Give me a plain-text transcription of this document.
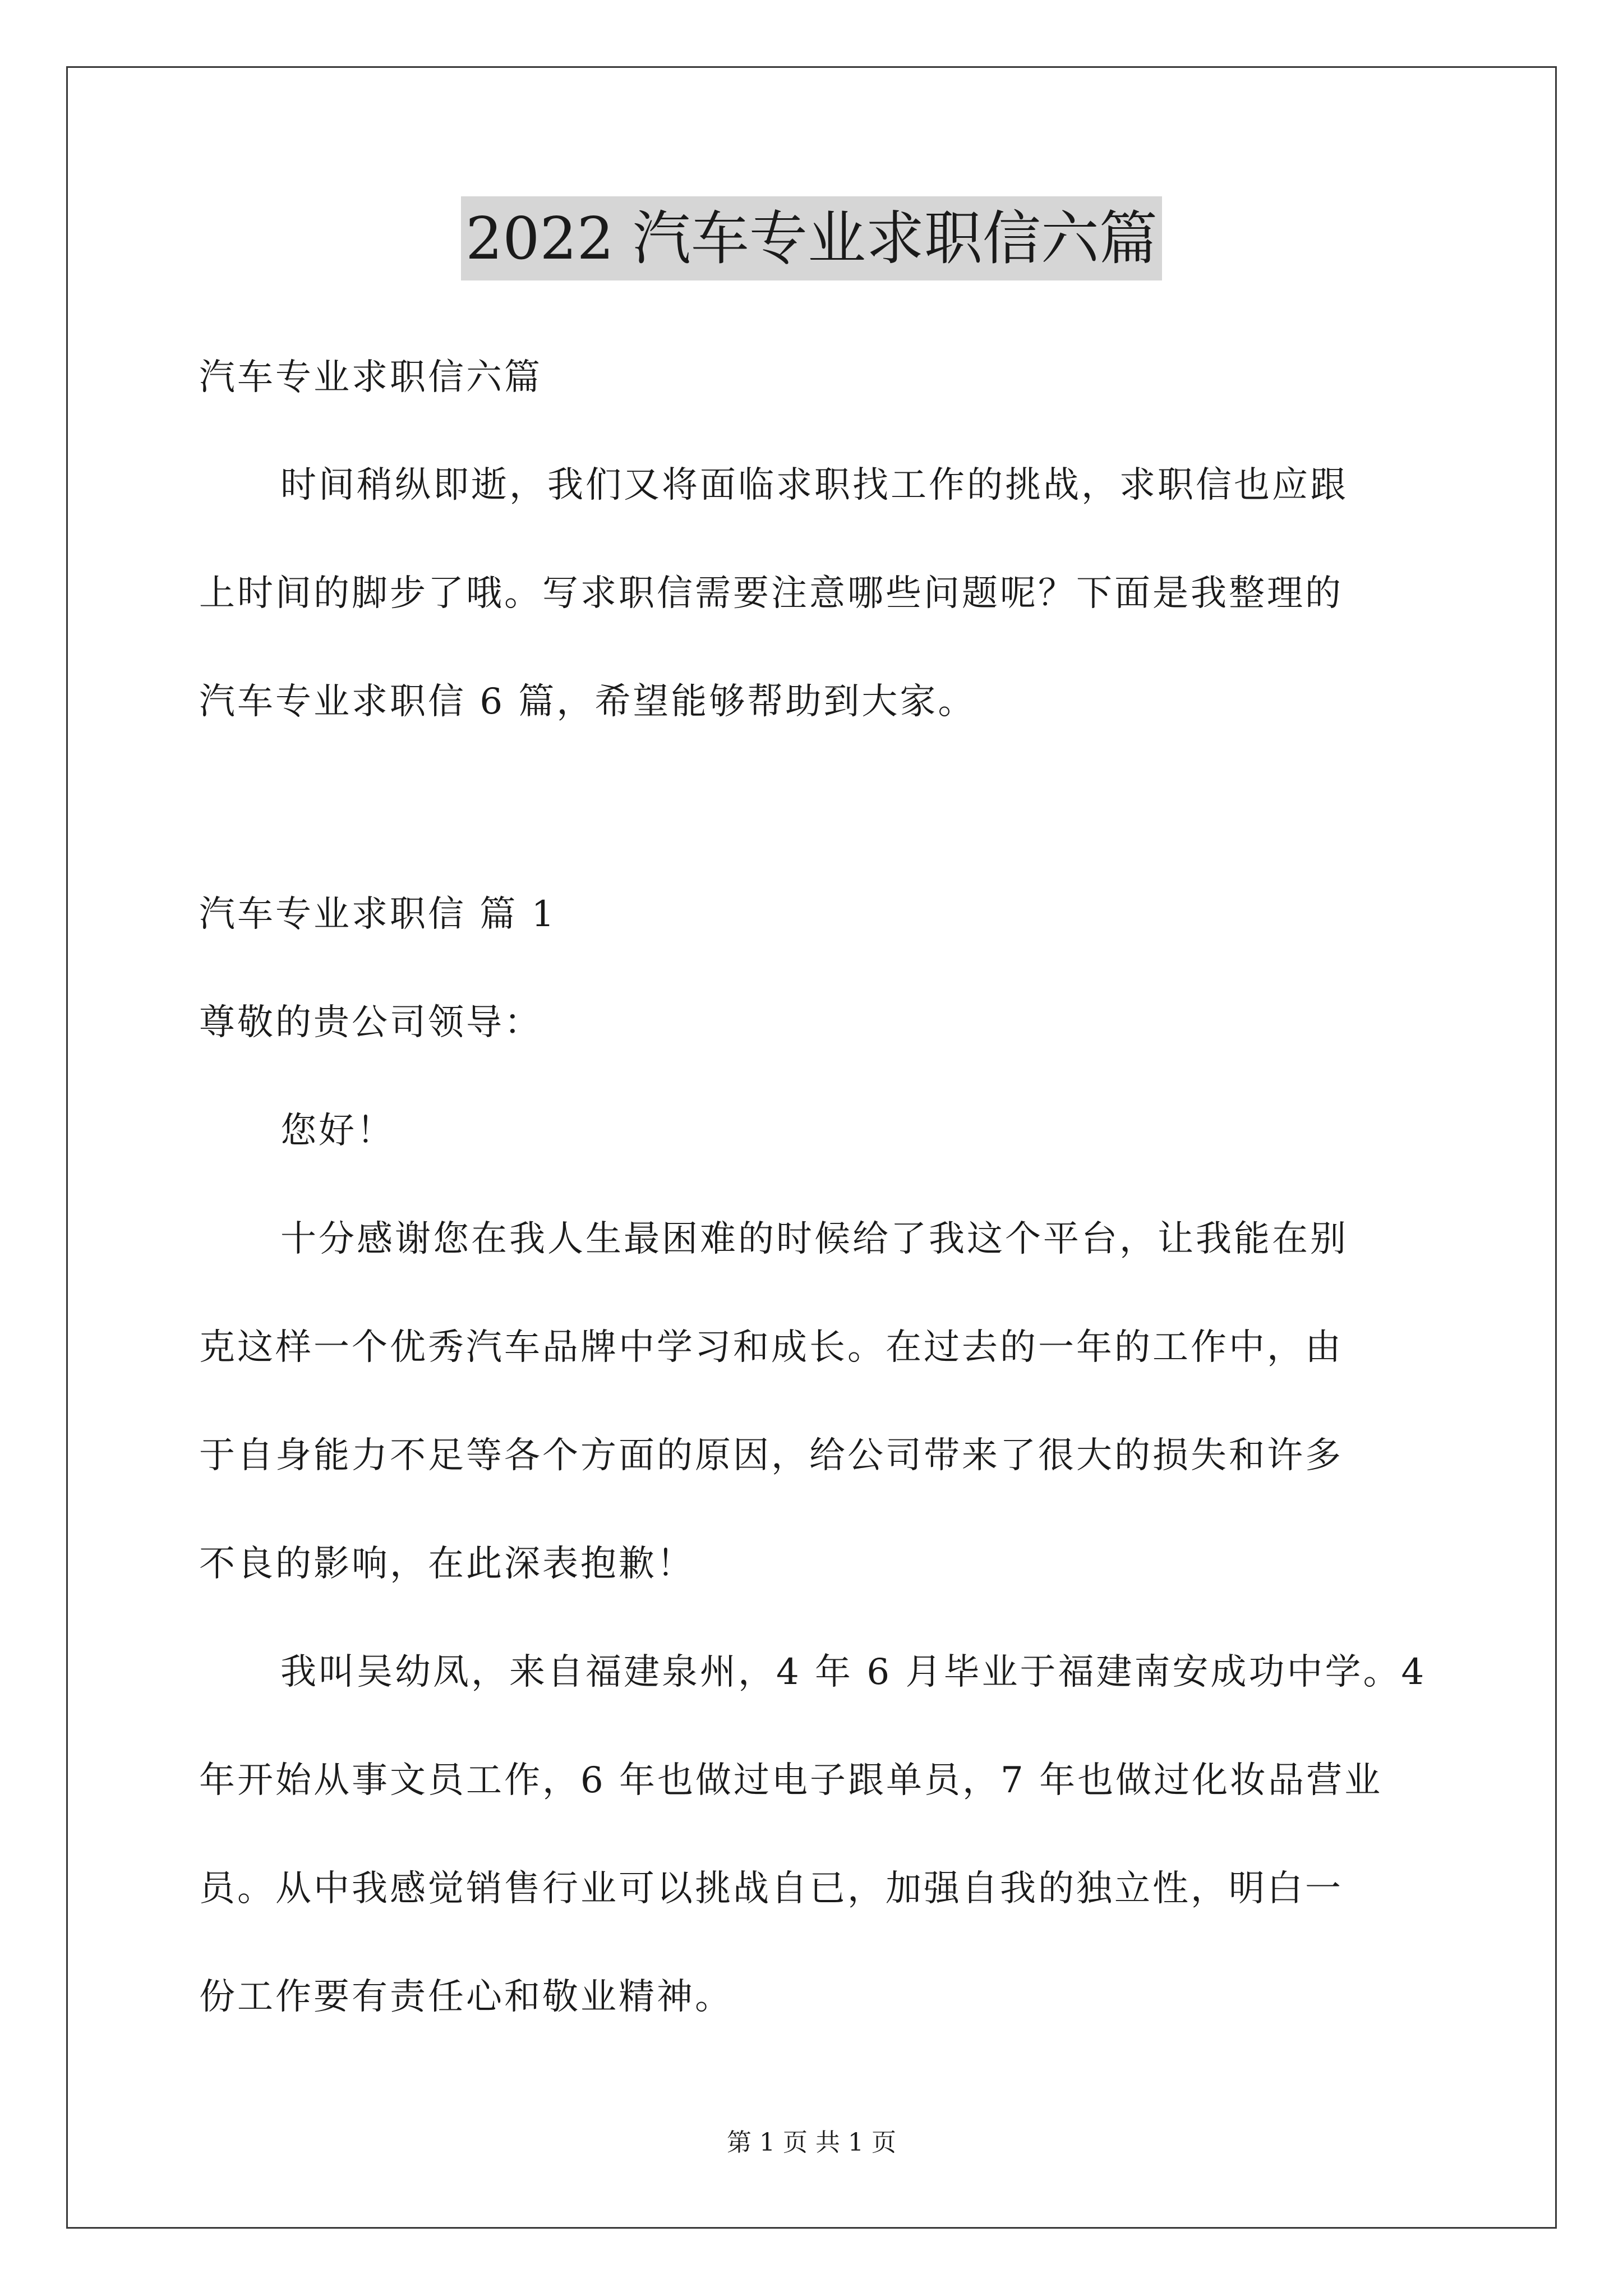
2022 汽车专业求职信六篇
汽车专业求职信六篇
时间稍纵即逝，我们又将面临求职找工作的挑战，求职信也应跟
上时间的脚步了哦。写求职信需要注意哪些问题呢？下面是我整理的
汽车专业求职信 6 篇，希望能够帮助到大家。
汽车专业求职信 篇 1
尊敬的贵公司领导：
您好！
十分感谢您在我人生最困难的时候给了我这个平台，让我能在别
克这样一个优秀汽车品牌中学习和成长。在过去的一年的工作中，由
于自身能力不足等各个方面的原因，给公司带来了很大的损失和许多
不良的影响，在此深表抱歉！
我叫吴幼凤，来自福建泉州，4 年 6 月毕业于福建南安成功中学。4
年开始从事文员工作，6 年也做过电子跟单员，7 年也做过化妆品营业
员。从中我感觉销售行业可以挑战自已，加强自我的独立性，明白一
份工作要有责任心和敬业精神。
第 1 页 共 1 页
